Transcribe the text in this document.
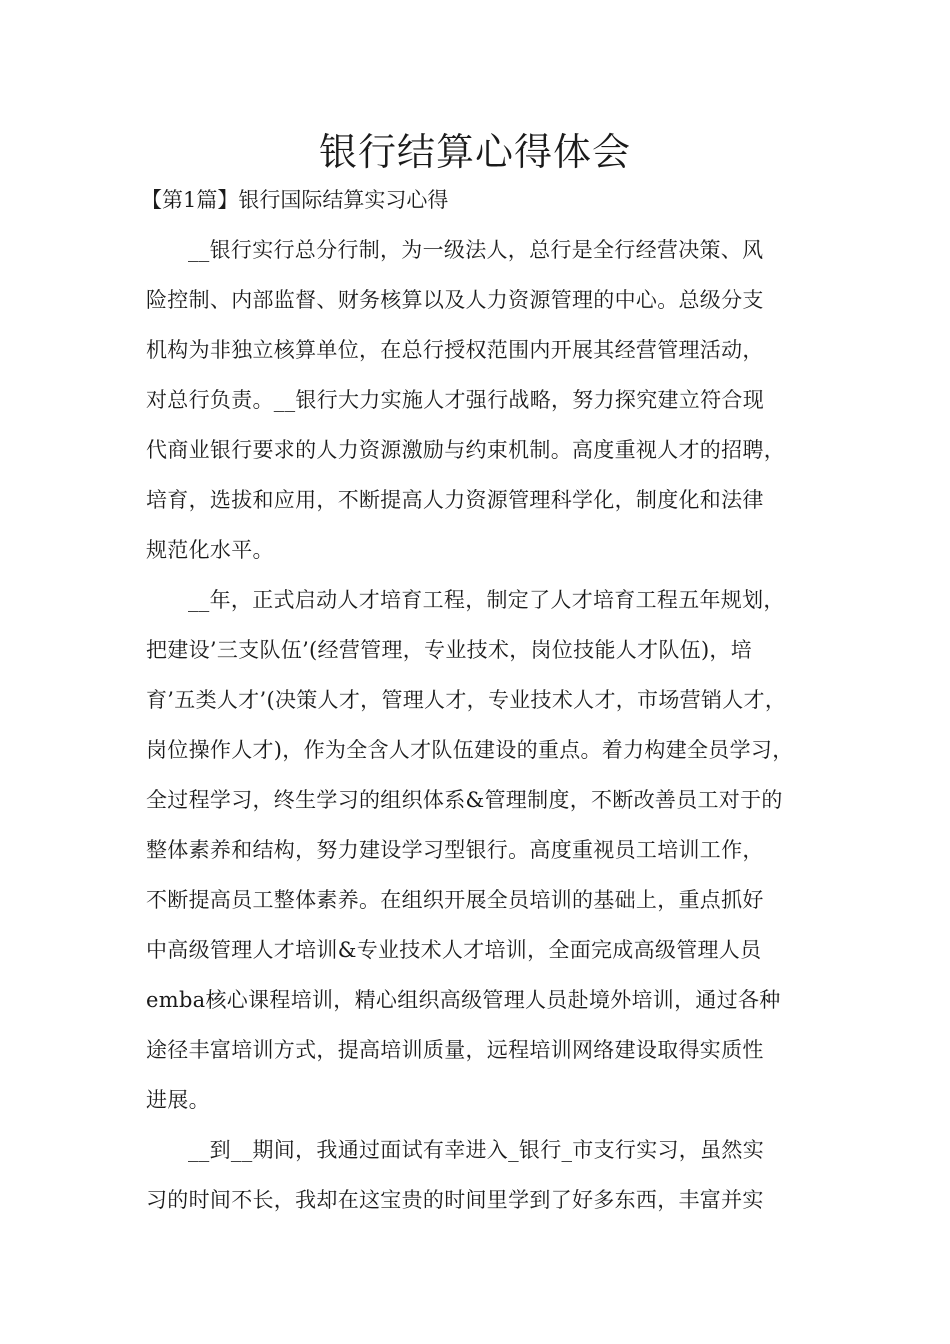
银行结算心得体会
【第1篇】银行国际结算实习心得
__银行实行总分行制，为一级法人，总行是全行经营决策、风
险控制、内部监督、财务核算以及人力资源管理的中心。总级分支
机构为非独立核算单位，在总行授权范围内开展其经营管理活动，
对总行负责。__银行大力实施人才强行战略，努力探究建立符合现
代商业银行要求的人力资源激励与约束机制。高度重视人才的招聘，
培育，选拔和应用，不断提高人力资源管理科学化，制度化和法律
规范化水平。
__年，正式启动人才培育工程，制定了人才培育工程五年规划，
把建设’三支队伍’(经营管理，专业技术，岗位技能人才队伍)，培
育’五类人才’(决策人才，管理人才，专业技术人才，市场营销人才，
岗位操作人才)，作为全含人才队伍建设的重点。着力构建全员学习，
全过程学习，终生学习的组织体系&管理制度，不断改善员工对于的
整体素养和结构，努力建设学习型银行。高度重视员工培训工作，
不断提高员工整体素养。在组织开展全员培训的基础上，重点抓好
中高级管理人才培训&专业技术人才培训，全面完成高级管理人员
emba核心课程培训，精心组织高级管理人员赴境外培训，通过各种
途径丰富培训方式，提高培训质量，远程培训网络建设取得实质性
进展。
__到__期间，我通过面试有幸进入_银行_市支行实习，虽然实
习的时间不长，我却在这宝贵的时间里学到了好多东西，丰富并实
